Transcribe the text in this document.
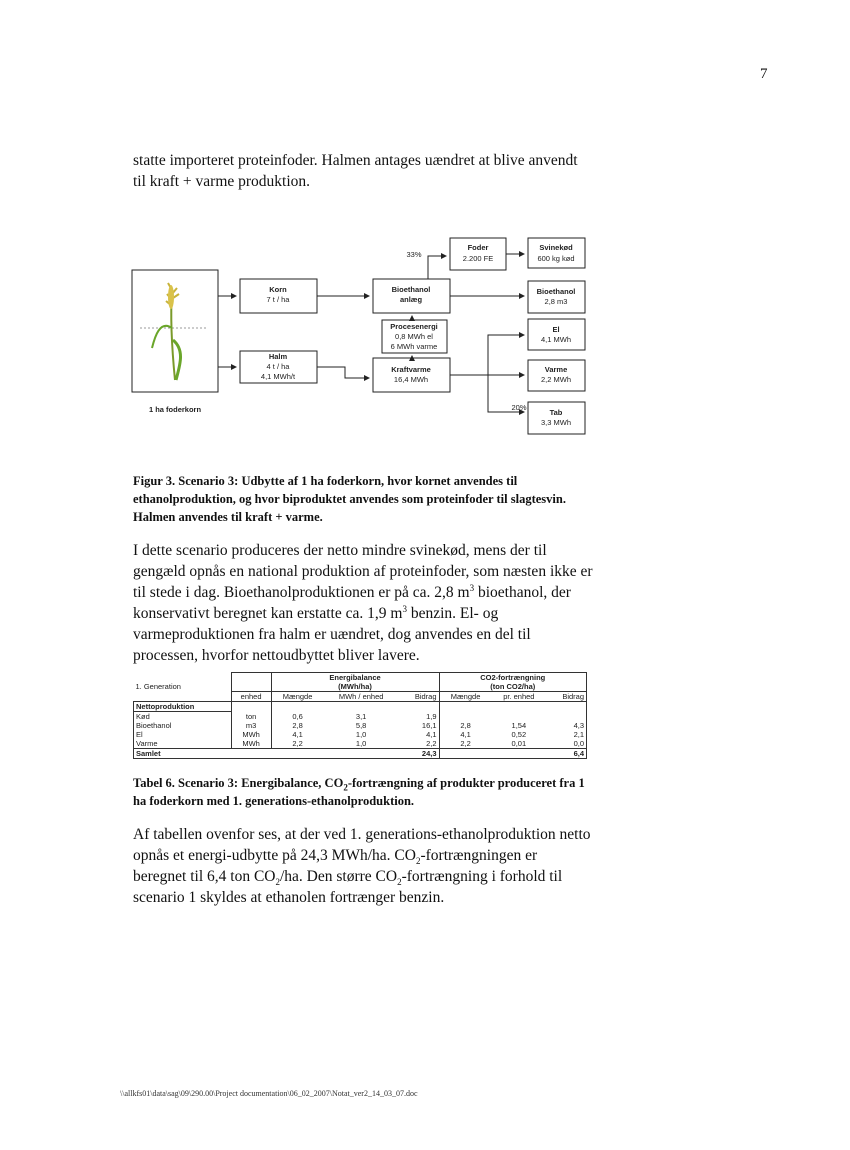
7

statte importeret proteinfoder. Halmen antages uændret at blive anvendt til kraft + varme produktion.

1 ha foderkorn
Korn
7 t / ha
Halm
4 t / ha
4,1 MWh/t
Bioethanol
anlæg
Procesenergi
0,8 MWh el
6 MWh varme
Kraftvarme
16,4 MWh
Foder
2.200 FE
Svinekød
600 kg kød
Bioethanol
2,8 m3
El
4,1 MWh
Varme
2,2 MWh
Tab
3,3 MWh
33%
20%

Figur 3. Scenario 3: Udbytte af 1 ha foderkorn, hvor kornet anvendes til ethanolproduktion, og hvor biproduktet anvendes som proteinfoder til slagtesvin. Halmen anvendes til kraft + varme.

I dette scenario produceres der netto mindre svinekød, mens der til gengæld opnås en national produktion af proteinfoder, som næsten ikke er til stede i dag. Bioethanolproduktionen er på ca. 2,8 $m^3$ bioethanol, der konservativt beregnet kan erstatte ca. 1,9 $m^3$ benzin. El- og varmeproduktionen fra halm er uændret, dog anvendes en del til processen, hvorfor nettoudbyttet bliver lavere.

		Energibalance			CO2-fortrængning		
1. Generation		(MWh/ha)			(ton CO2/ha)		
	enhed	Mængde	MWh / enhed	Bidrag	Mængde	pr. enhed	Bidrag
Nettoproduktion							
Kød	ton	0,6	3,1	1,9			
Bioethanol	m3	2,8	5,8	16,1	2,8	1,54	4,3
El	MWh	4,1	1,0	4,1	4,1	0,52	2,1
Varme	MWh	2,2	1,0	2,2	2,2	0,01	0,0
Samlet				24,3			6,4

Tabel 6. Scenario 3: Energibalance, $CO_2$-fortrængning af produkter produceret fra 1 ha foderkorn med 1. generations-ethanolproduktion.

Af tabellen ovenfor ses, at der ved 1. generations-ethanolproduktion netto opnås et energi-udbytte på 24,3 MWh/ha. $CO_2$-fortrængningen er beregnet til 6,4 ton $CO_2/ha$. Den større $CO_2$-fortrængning i forhold til scenario 1 skyldes at ethanolen fortrænger benzin.

\\allkfs01\data\sag\09\290.00\Project documentation\06_02_2007\Notat_ver2_14_03_07.doc
